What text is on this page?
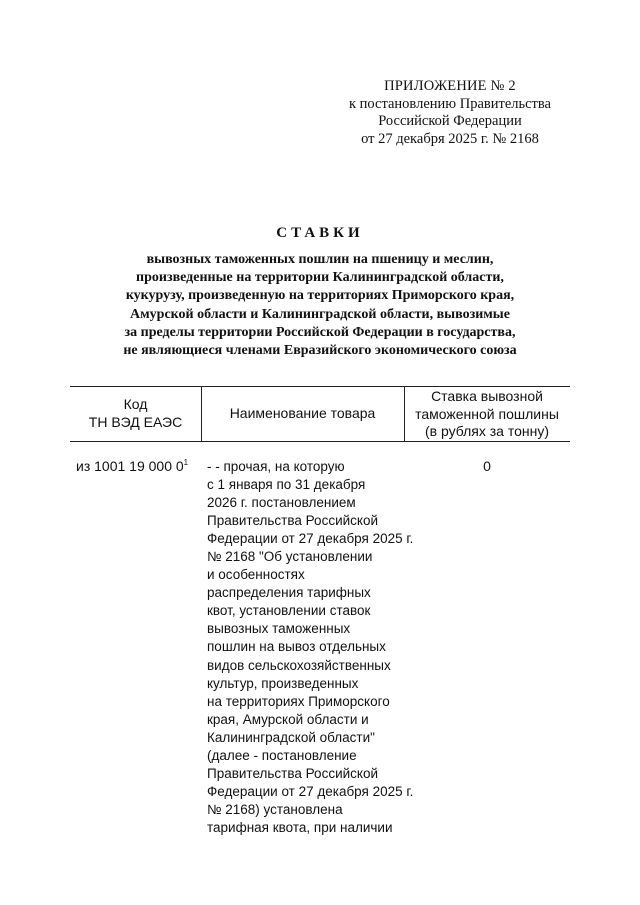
ПРИЛОЖЕНИЕ № 2
к постановлению Правительства
Российской Федерации
от 27 декабря 2025 г. № 2168
СТАВКИ
вывозных таможенных пошлин на пшеницу и меслин,
произведенные на территории Калининградской области,
кукурузу, произведенную на территориях Приморского края,
Амурской области и Калининградской области, вывозимые
за пределы территории Российской Федерации в государства,
не являющиеся членами Евразийского экономического союза
Код
ТН ВЭД ЕАЭС
Наименование товара
Ставка вывозной
таможенной пошлины
(в рублях за тонну)
из 1001 19 000 $0^1$	- - прочая, на которую
с 1 января по 31 декабря
2026 г. постановлением
Правительства Российской
Федерации от 27 декабря 2025 г.
№ 2168 "Об установлении
и особенностях
распределения тарифных
квот, установлении ставок
вывозных таможенных
пошлин на вывоз отдельных
видов сельскохозяйственных
культур, произведенных
на территориях Приморского
края, Амурской области и
Калининградской области"
(далее - постановление
Правительства Российской
Федерации от 27 декабря 2025 г.
№ 2168) установлена
тарифная квота, при наличии
0
